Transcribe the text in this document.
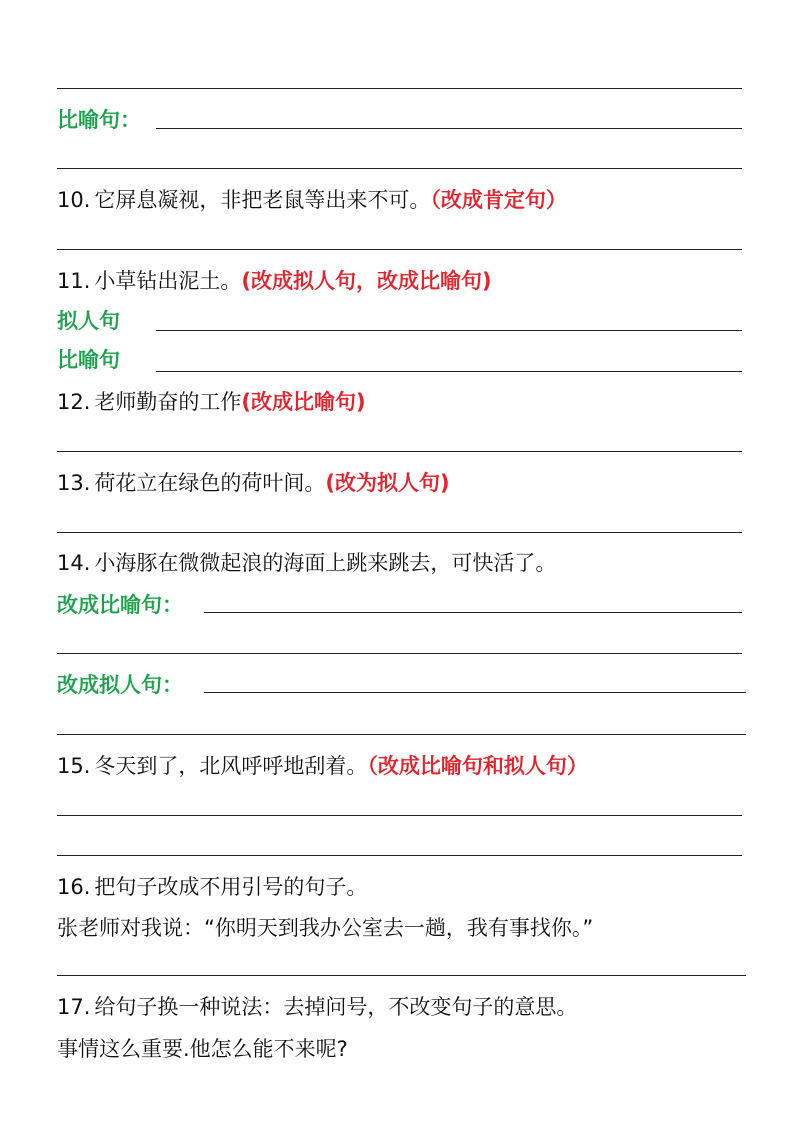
比喻句：
10. 它屏息凝视，非把老鼠等出来不可。（改成肯定句）
11. 小草钻出泥土。(改成拟人句，改成比喻句)
拟人句
比喻句
12. 老师勤奋的工作(改成比喻句)
13. 荷花立在绿色的荷叶间。(改为拟人句)
14. 小海豚在微微起浪的海面上跳来跳去，可快活了。
改成比喻句：
改成拟人句：
15. 冬天到了，北风呼呼地刮着。（改成比喻句和拟人句）
16. 把句子改成不用引号的句子。
张老师对我说：“你明天到我办公室去一趟，我有事找你。”
17. 给句子换一种说法：去掉问号，不改变句子的意思。
事情这么重要.他怎么能不来呢?
